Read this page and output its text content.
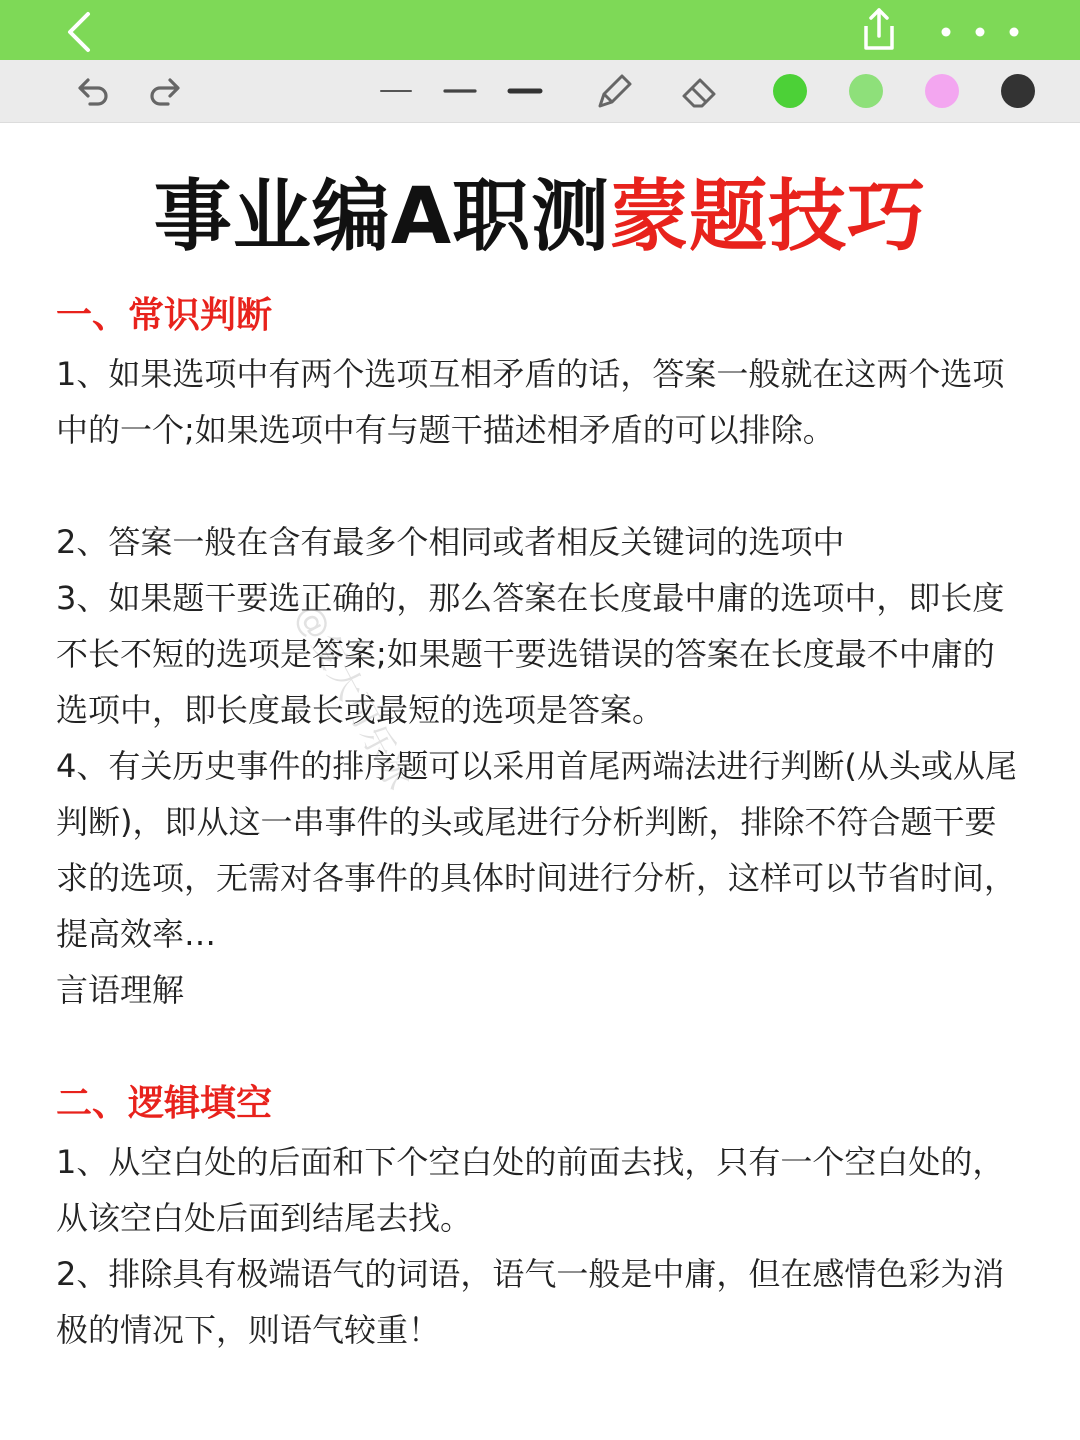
事业编A职测蒙题技巧
@复大可乐冰
一、常识判断
1、如果选项中有两个选项互相矛盾的话，答案一般就在这两个选项中的一个;如果选项中有与题干描述相矛盾的可以排除。
2、答案一般在含有最多个相同或者相反关键词的选项中
3、如果题干要选正确的，那么答案在长度最中庸的选项中，即长度不长不短的选项是答案;如果题干要选错误的答案在长度最不中庸的选项中，即长度最长或最短的选项是答案。
4、有关历史事件的排序题可以采用首尾两端法进行判断(从头或从尾判断)，即从这一串事件的头或尾进行分析判断，排除不符合题干要求的选项，无需对各事件的具体时间进行分析，这样可以节省时间，提高效率…
言语理解
二、逻辑填空
1、从空白处的后面和下个空白处的前面去找，只有一个空白处的，从该空白处后面到结尾去找。
2、排除具有极端语气的词语，语气一般是中庸，但在感情色彩为消极的情况下，则语气较重！
